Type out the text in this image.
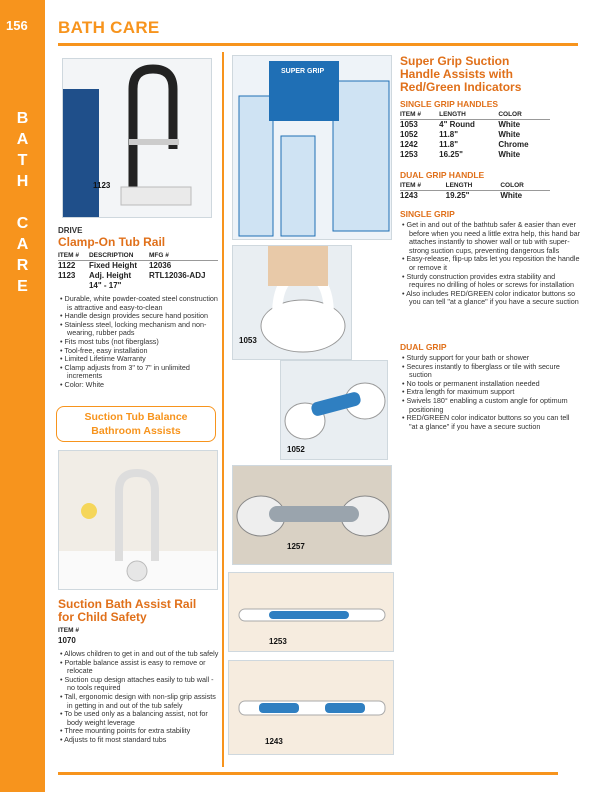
156
B
A
T
H
C
A
R
E
BATH CARE
1123
DRIVE
Clamp-On Tub Rail
ITEM #	DESCRIPTION	MFG #
1122	Fixed Height	12036
1123	Adj. Height	RTL12036-ADJ
	14" - 17"	
• Durable, white powder-coated steel construction is attractive and easy-to-clean
• Handle design provides secure hand position
• Stainless steel, locking mechanism and non-wearing, rubber pads
• Fits most tubs (not fiberglass)
• Tool-free, easy installation
• Limited Lifetime Warranty
• Clamp adjusts from 3" to 7" in unlimited increments
• Color: White
Suction Tub Balance
Bathroom Assists
Suction Bath Assist Rail
for Child Safety
ITEM #
1070
• Allows children to get in and out of the tub safely
• Portable balance assist is easy to remove or relocate
• Suction cup design attaches easily to tub wall - no tools required
• Tall, ergonomic design with non-slip grip assists in getting in and out of the tub safely
• To be used only as a balancing assist, not for body weight leverage
• Three mounting points for extra stability
• Adjusts to fit most standard tubs
SUPER GRIP
1053
1052
1257
1253
1243
Super Grip Suction
Handle Assists with
Red/Green Indicators
SINGLE GRIP HANDLES
ITEM #	LENGTH	COLOR
1053	4" Round	White
1052	11.8"	White
1242	11.8"	Chrome
1253	16.25"	White
DUAL GRIP HANDLE
ITEM #	LENGTH	COLOR
1243	19.25"	White
SINGLE GRIP
• Get in and out of the bathtub safer & easier than ever before when you need a little extra help, this hand bar attaches instantly to shower wall or tub with super-strong suction cups, preventing dangerous falls
• Easy-release, flip-up tabs let you reposition the handle or remove it
• Sturdy construction provides extra stability and requires no drilling of holes or screws for installation
• Also includes RED/GREEN color indicator buttons so you can tell "at a glance" if you have a secure suction
DUAL GRIP
• Sturdy support for your bath or shower
• Secures instantly to fiberglass or tile with secure suction
• No tools or permanent installation needed
• Extra length for maximum support
• Swivels 180° enabling a custom angle for optimum positioning
• RED/GREEN color indicator buttons so you can tell "at a glance" if you have a secure suction
